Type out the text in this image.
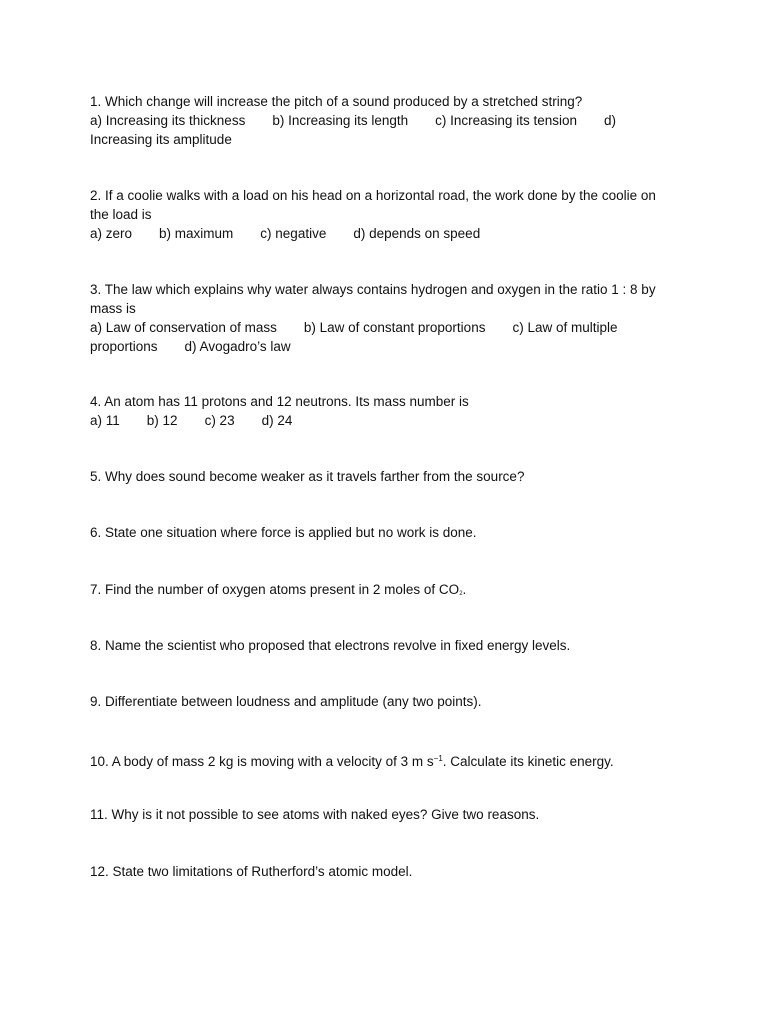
1. Which change will increase the pitch of a sound produced by a stretched string?
a) Increasing its thickness b) Increasing its length c) Increasing its tension d)
Increasing its amplitude
2. If a coolie walks with a load on his head on a horizontal road, the work done by the coolie on
the load is
a) zero b) maximum c) negative d) depends on speed
3. The law which explains why water always contains hydrogen and oxygen in the ratio 1 : 8 by
mass is
a) Law of conservation of mass b) Law of constant proportions c) Law of multiple
proportions d) Avogadro’s law
4. An atom has 11 protons and 12 neutrons. Its mass number is
a) 11 b) 12 c) 23 d) 24
5. Why does sound become weaker as it travels farther from the source?
6. State one situation where force is applied but no work is done.
7. Find the number of oxygen atoms present in 2 moles of CO2.
8. Name the scientist who proposed that electrons revolve in fixed energy levels.
9. Differentiate between loudness and amplitude (any two points).
10. A body of mass 2 kg is moving with a velocity of 3 m $s^{-1}$. Calculate its kinetic energy.
11. Why is it not possible to see atoms with naked eyes? Give two reasons.
12. State two limitations of Rutherford’s atomic model.
